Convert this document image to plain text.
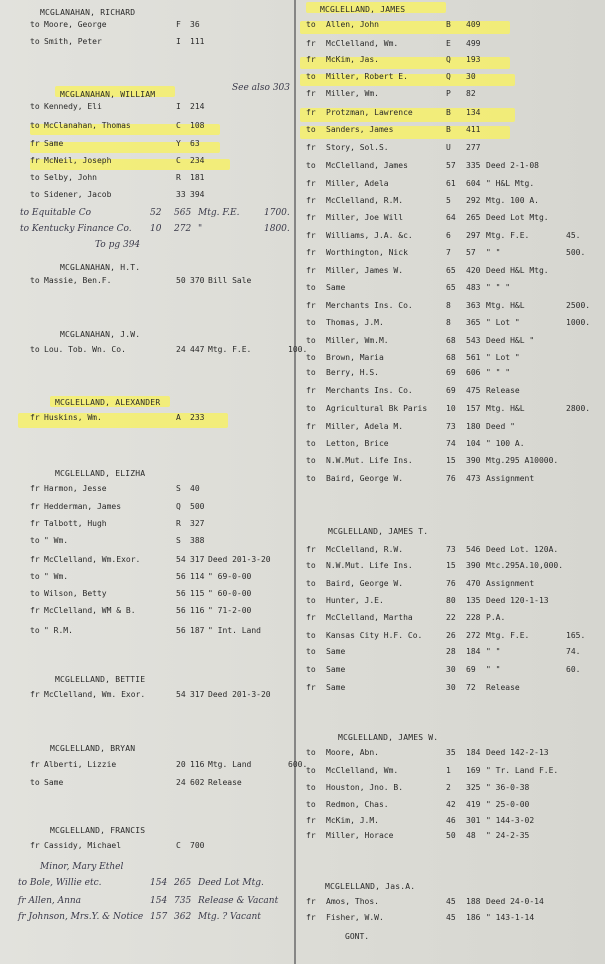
See also 303
MCGLANAHAN, RICHARD
to Moore, George	F 36
to Smith, Peter	I 111
MCGLANAHAN, WILLIAM
to Kennedy, Eli	I 214
to McClanahan, Thomas	C 108
fr Same	Y 63
fr McNeil, Joseph	C 234
to Selby, John	R 181
to Sidener, Jacob	33 394
MCGLANAHAN, H.T.
to Massie, Ben.F.	50 370 Bill Sale
MCGLANAHAN, J.W.
to Lou. Tob. Wn. Co.	24 447 Mtg. F.E.	100.
MCGLELLAND, ALEXANDER
fr Huskins, Wm.	A 233
MCGLELLAND, ELIZHA
fr Harmon, Jesse	S 40
fr Hedderman, James	Q 500
fr Talbott, Hugh	R 327
to " Wm.	S 388
fr McClelland, Wm.Exor.	54 317 Deed 201-3-20
to " Wm.	56 114 " 69-0-00
to Wilson, Betty	56 115 " 60-0-00
fr McClelland, WM & B.	56 116 " 71-2-00
to " R.M.	56 187 " Int. Land
MCGLELLAND, BETTIE
fr McClelland, Wm. Exor.	54 317 Deed 201-3-20
MCGLELLAND, BRYAN
fr Alberti, Lizzie	20 116 Mtg. Land	600.
to Same	24 602 Release
MCGLELLAND, FRANCIS
fr Cassidy, Michael	C 700
MCGLELLAND, JAMES
to Allen, John	B 409
fr McClelland, Wm.	E 499
fr McKim, Jas.	Q 193
to Miller, Robert E.	Q 30
fr Miller, Wm.	P 82
fr Protzman, Lawrence	B 134
to Sanders, James	B 411
fr Story, Sol.S.	U 277
to McClelland, James	57 335 Deed 2-1-08
fr Miller, Adela	61 604 " H&L Mtg.
fr McClelland, R.M.	5 292 Mtg. 100 A.
fr Miller, Joe Will	64 265 Deed Lot Mtg.
fr Williams, J.A. &c.	6 297 Mtg. F.E.	45.
fr Worthington, Nick	7 57 " "	500.
fr Miller, James W.	65 420 Deed H&L Mtg.
to Same	65 483 " " "
fr Merchants Ins. Co.	8 363 Mtg. H&L	2500.
to Thomas, J.M.	8 365 " Lot "	1000.
to Miller, Wm.M.	68 543 Deed H&L "
to Brown, Maria	68 561 " Lot "
to Berry, H.S.	69 606 " " "
fr Merchants Ins. Co.	69 475 Release
to Agricultural Bk Paris 10 157 Mtg. H&L	2800.
fr Miller, Adela M.	73 180 Deed "
to Letton, Brice	74 104 " 100 A.
to N.W.Mut. Life Ins.	15 390 Mtg.295 A10000.
to Baird, George W.	76 473 Assignment
MCGLELLAND, JAMES T.
fr McClelland, R.W.	73 546 Deed Lot. 120A.
to N.W.Mut. Life Ins.	15 390 Mtc.295A.10,000.
to Baird, George W.	76 470 Assignment
to Hunter, J.E.	80 135 Deed 120-1-13
fr McClelland, Martha	22 228 P.A.
to Kansas City H.F. Co.	26 272 Mtg. F.E.	165.
to Same	28 184 " "	74.
to Same	30 69 " "	60.
fr Same	30 72 Release
MCGLELLAND, JAMES W.
to Moore, Abn.	35 184 Deed 142-2-13
to McClelland, Wm.	1 169 " Tr. Land F.E.
to Houston, Jno. B.	2 325 " 36-0-38
to Redmon, Chas.	42 419 " 25-0-00
fr McKim, J.M.	46 301 " 144-3-02
fr Miller, Horace	50 48 " 24-2-35
MCGLELLAND, Jas.A.
fr Amos, Thos.	45 188 Deed 24-0-14
fr Fisher, W.W.	45 186 " 143-1-14
to Equitable Co	52 565 Mtg. F.E.	1700.
to Kentucky Finance Co. 10 272 "	1800.
To pg 394
Minor, Mary Ethel
to Bole, Willie etc.	154 265 Deed Lot Mtg.
fr Allen, Anna	154 735 Release & Vacant
fr Johnson, Mrs.Y. & Notice 157 362 Mtg. ? Vacant
GONT.
